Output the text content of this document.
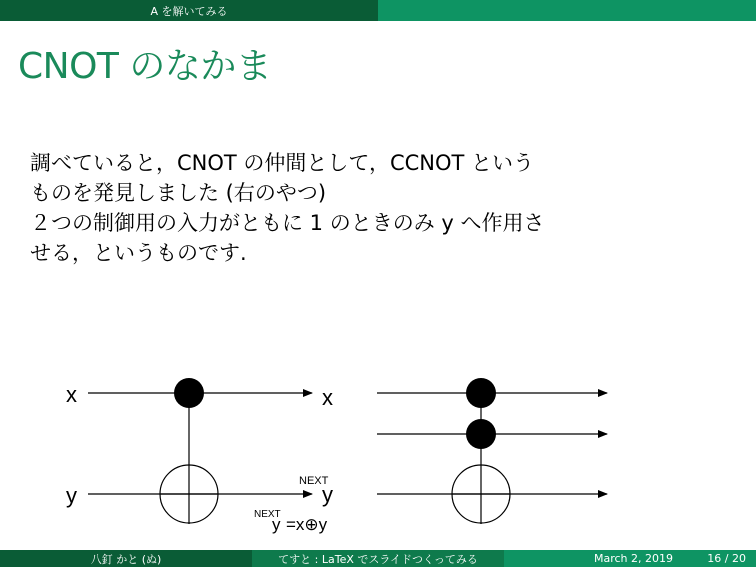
A を解いてみる
CNOT のなかま
調べていると，CNOT の仲間として，CCNOT という
ものを発見しました (右のやつ)
２つの制御用の入力がともに 1 のときのみ y へ作用さ
せる，というものです.
x
y
x
NEXT
y
NEXT
y =x⊕y
八釘 かと (ぬ)	てすと : LaTeX でスライドつくってみる	March 2, 2019	16 / 20
